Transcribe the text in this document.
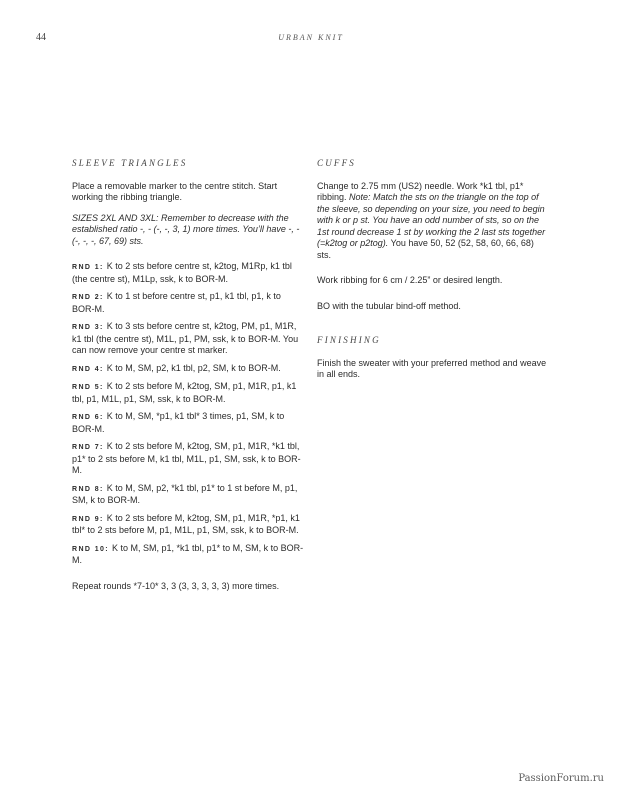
44	URBAN KNIT
SLEEVE TRIANGLES

Place a removable marker to the centre stitch. Start working the ribbing triangle.

SIZES 2XL AND 3XL: Remember to decrease with the established ratio -, - (-, -, 3, 1) more times. You’ll have -, - (-, -, -, 67, 69) sts.

RND 1: K to 2 sts before centre st, k2tog, M1Rp, k1 tbl (the centre st), M1Lp, ssk, k to BOR-M.
RND 2: K to 1 st before centre st, p1, k1 tbl, p1, k to BOR-M.
RND 3: K to 3 sts before centre st, k2tog, PM, p1, M1R, k1 tbl (the centre st), M1L, p1, PM, ssk, k to BOR-M. You can now remove your centre st marker.
RND 4: K to M, SM, p2, k1 tbl, p2, SM, k to BOR-M.
RND 5: K to 2 sts before M, k2tog, SM, p1, M1R, p1, k1 tbl, p1, M1L, p1, SM, ssk, k to BOR-M.
RND 6: K to M, SM, *p1, k1 tbl* 3 times, p1, SM, k to BOR-M.
RND 7: K to 2 sts before M, k2tog, SM, p1, M1R, *k1 tbl, p1* to 2 sts before M, k1 tbl, M1L, p1, SM, ssk, k to BOR-M.
RND 8: K to M, SM, p2, *k1 tbl, p1* to 1 st before M, p1, SM, k to BOR-M.
RND 9: K to 2 sts before M, k2tog, SM, p1, M1R, *p1, k1 tbl* to 2 sts before M, p1, M1L, p1, SM, ssk, k to BOR-M.
RND 10: K to M, SM, p1, *k1 tbl, p1* to M, SM, k to BOR-M.

Repeat rounds *7-10* 3, 3 (3, 3, 3, 3, 3) more times.

CUFFS

Change to 2.75 mm (US2) needle. Work *k1 tbl, p1* ribbing. Note: Match the sts on the triangle on the top of the sleeve, so depending on your size, you need to begin with k or p st. You have an odd number of sts, so on the 1st round decrease 1 st by working the 2 last sts together (=k2tog or p2tog). You have 50, 52 (52, 58, 60, 66, 68) sts.

Work ribbing for 6 cm / 2.25” or desired length.

BO with the tubular bind-off method.

FINISHING

Finish the sweater with your preferred method and weave in all ends.

PassionForum.ru
